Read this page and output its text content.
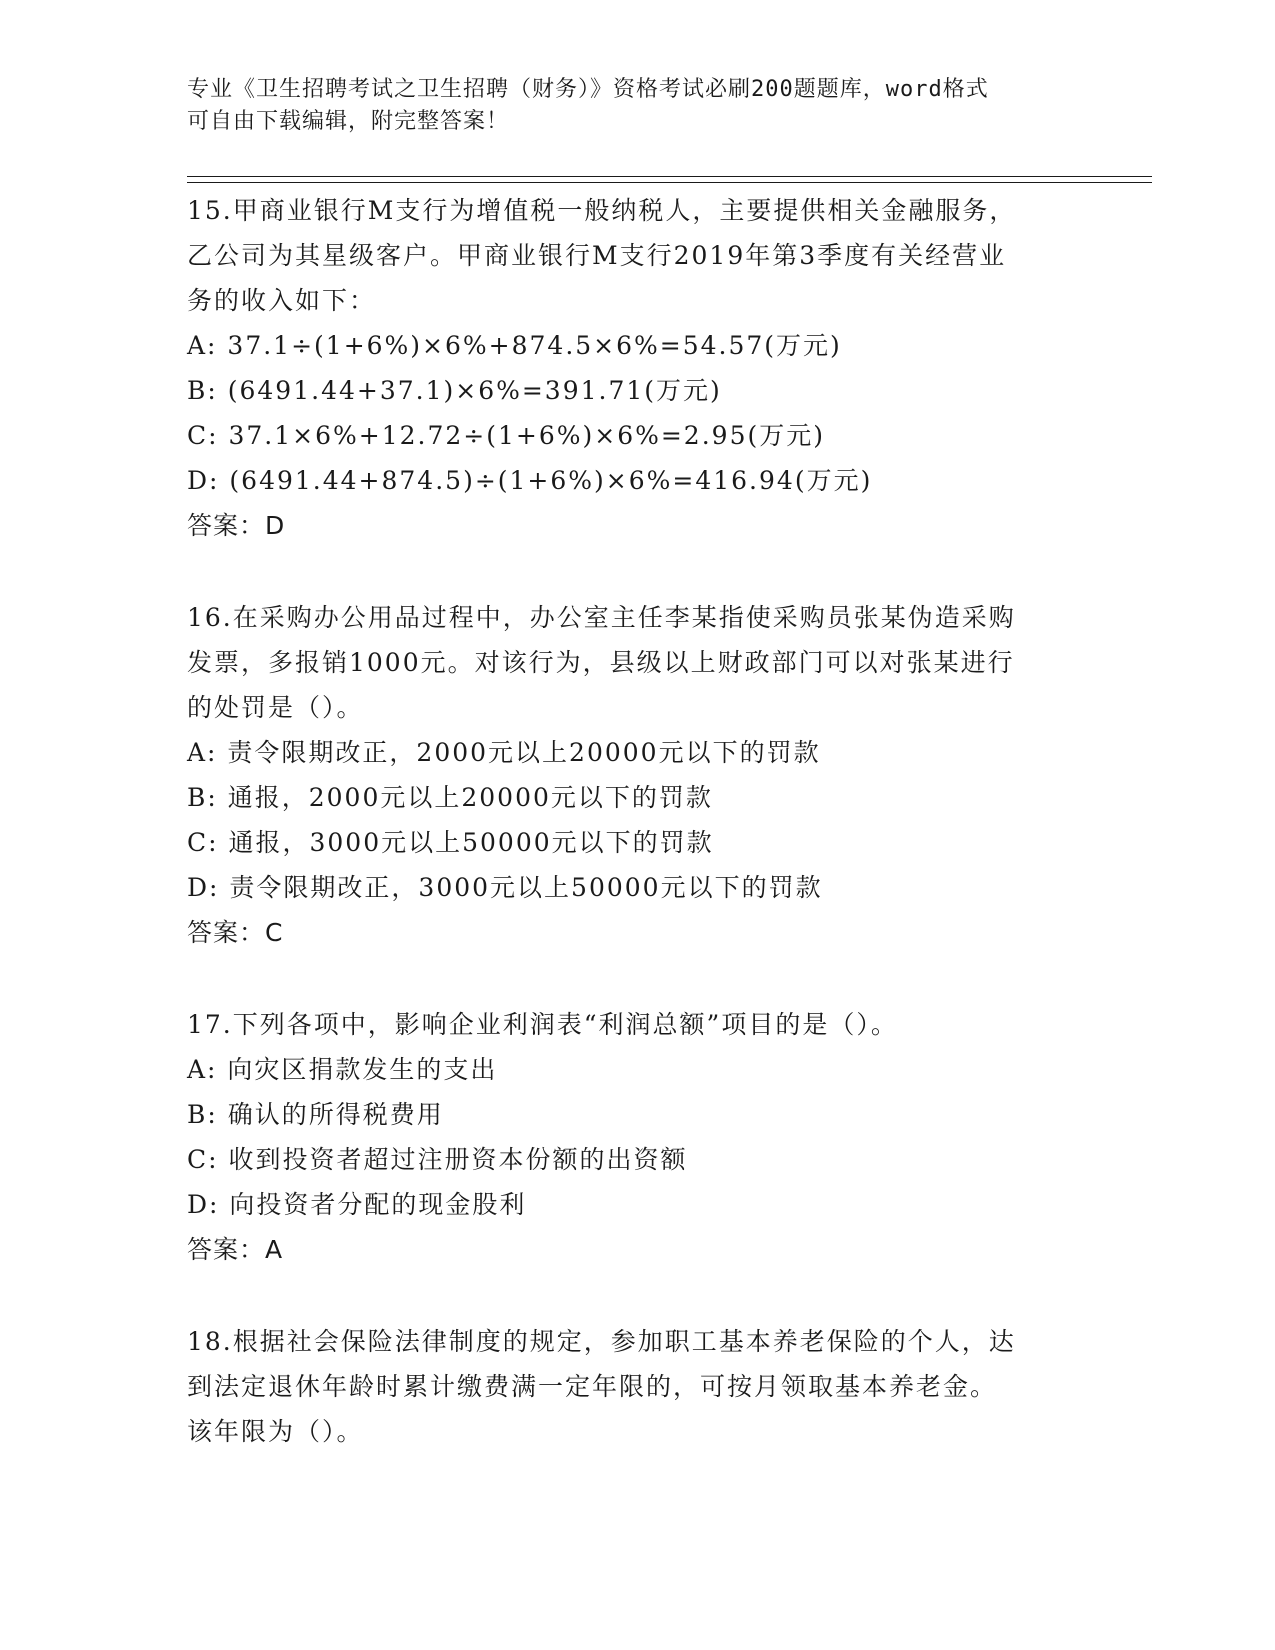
专业《卫生招聘考试之卫生招聘（财务）》资格考试必刷200题题库，word格式
可自由下载编辑，附完整答案！
15.甲商业银行M支行为增值税一般纳税人，主要提供相关金融服务，
乙公司为其星级客户。甲商业银行M支行2019年第3季度有关经营业
务的收入如下：
A: 37.1÷(1+6%)×6%+874.5×6%=54.57(万元)
B: (6491.44+37.1)×6%=391.71(万元)
C: 37.1×6%+12.72÷(1+6%)×6%=2.95(万元)
D: (6491.44+874.5)÷(1+6%)×6%=416.94(万元)
答案：D
16.在采购办公用品过程中，办公室主任李某指使采购员张某伪造采购
发票，多报销1000元。对该行为，县级以上财政部门可以对张某进行
的处罚是（）。
A: 责令限期改正，2000元以上20000元以下的罚款
B: 通报，2000元以上20000元以下的罚款
C: 通报，3000元以上50000元以下的罚款
D: 责令限期改正，3000元以上50000元以下的罚款
答案：C
17.下列各项中，影响企业利润表“利润总额”项目的是（）。
A: 向灾区捐款发生的支出
B: 确认的所得税费用
C: 收到投资者超过注册资本份额的出资额
D: 向投资者分配的现金股利
答案：A
18.根据社会保险法律制度的规定，参加职工基本养老保险的个人，达
到法定退休年龄时累计缴费满一定年限的，可按月领取基本养老金。
该年限为（）。
